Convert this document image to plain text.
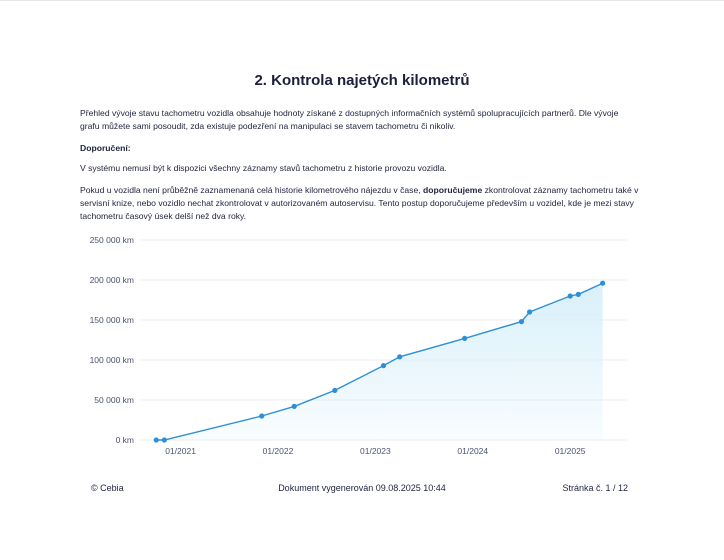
2. Kontrola najetých kilometrů

Přehled vývoje stavu tachometru vozidla obsahuje hodnoty získané z dostupných informačních systémů spolupracujících partnerů. Dle vývoje grafu můžete sami posoudit, zda existuje podezření na manipulaci se stavem tachometru či nikoliv.

Doporučení:

V systému nemusí být k dispozici všechny záznamy stavů tachometru z historie provozu vozidla.

Pokud u vozidla není průběžně zaznamenaná celá historie kilometrového nájezdu v čase, doporučujeme zkontrolovat záznamy tachometru také v servisní knize, nebo vozidlo nechat zkontrolovat v autorizovaném autoservisu. Tento postup doporučujeme především u vozidel, kde je mezi stavy tachometru časový úsek delší než dva roky.

0 km
50 000 km
100 000 km
150 000 km
200 000 km
250 000 km
01/2021	01/2022	01/2023	01/2024	01/2025
Dokument vygenerován 09.08.2025 10:44
© Cebia	Stránka č. 1 / 12
